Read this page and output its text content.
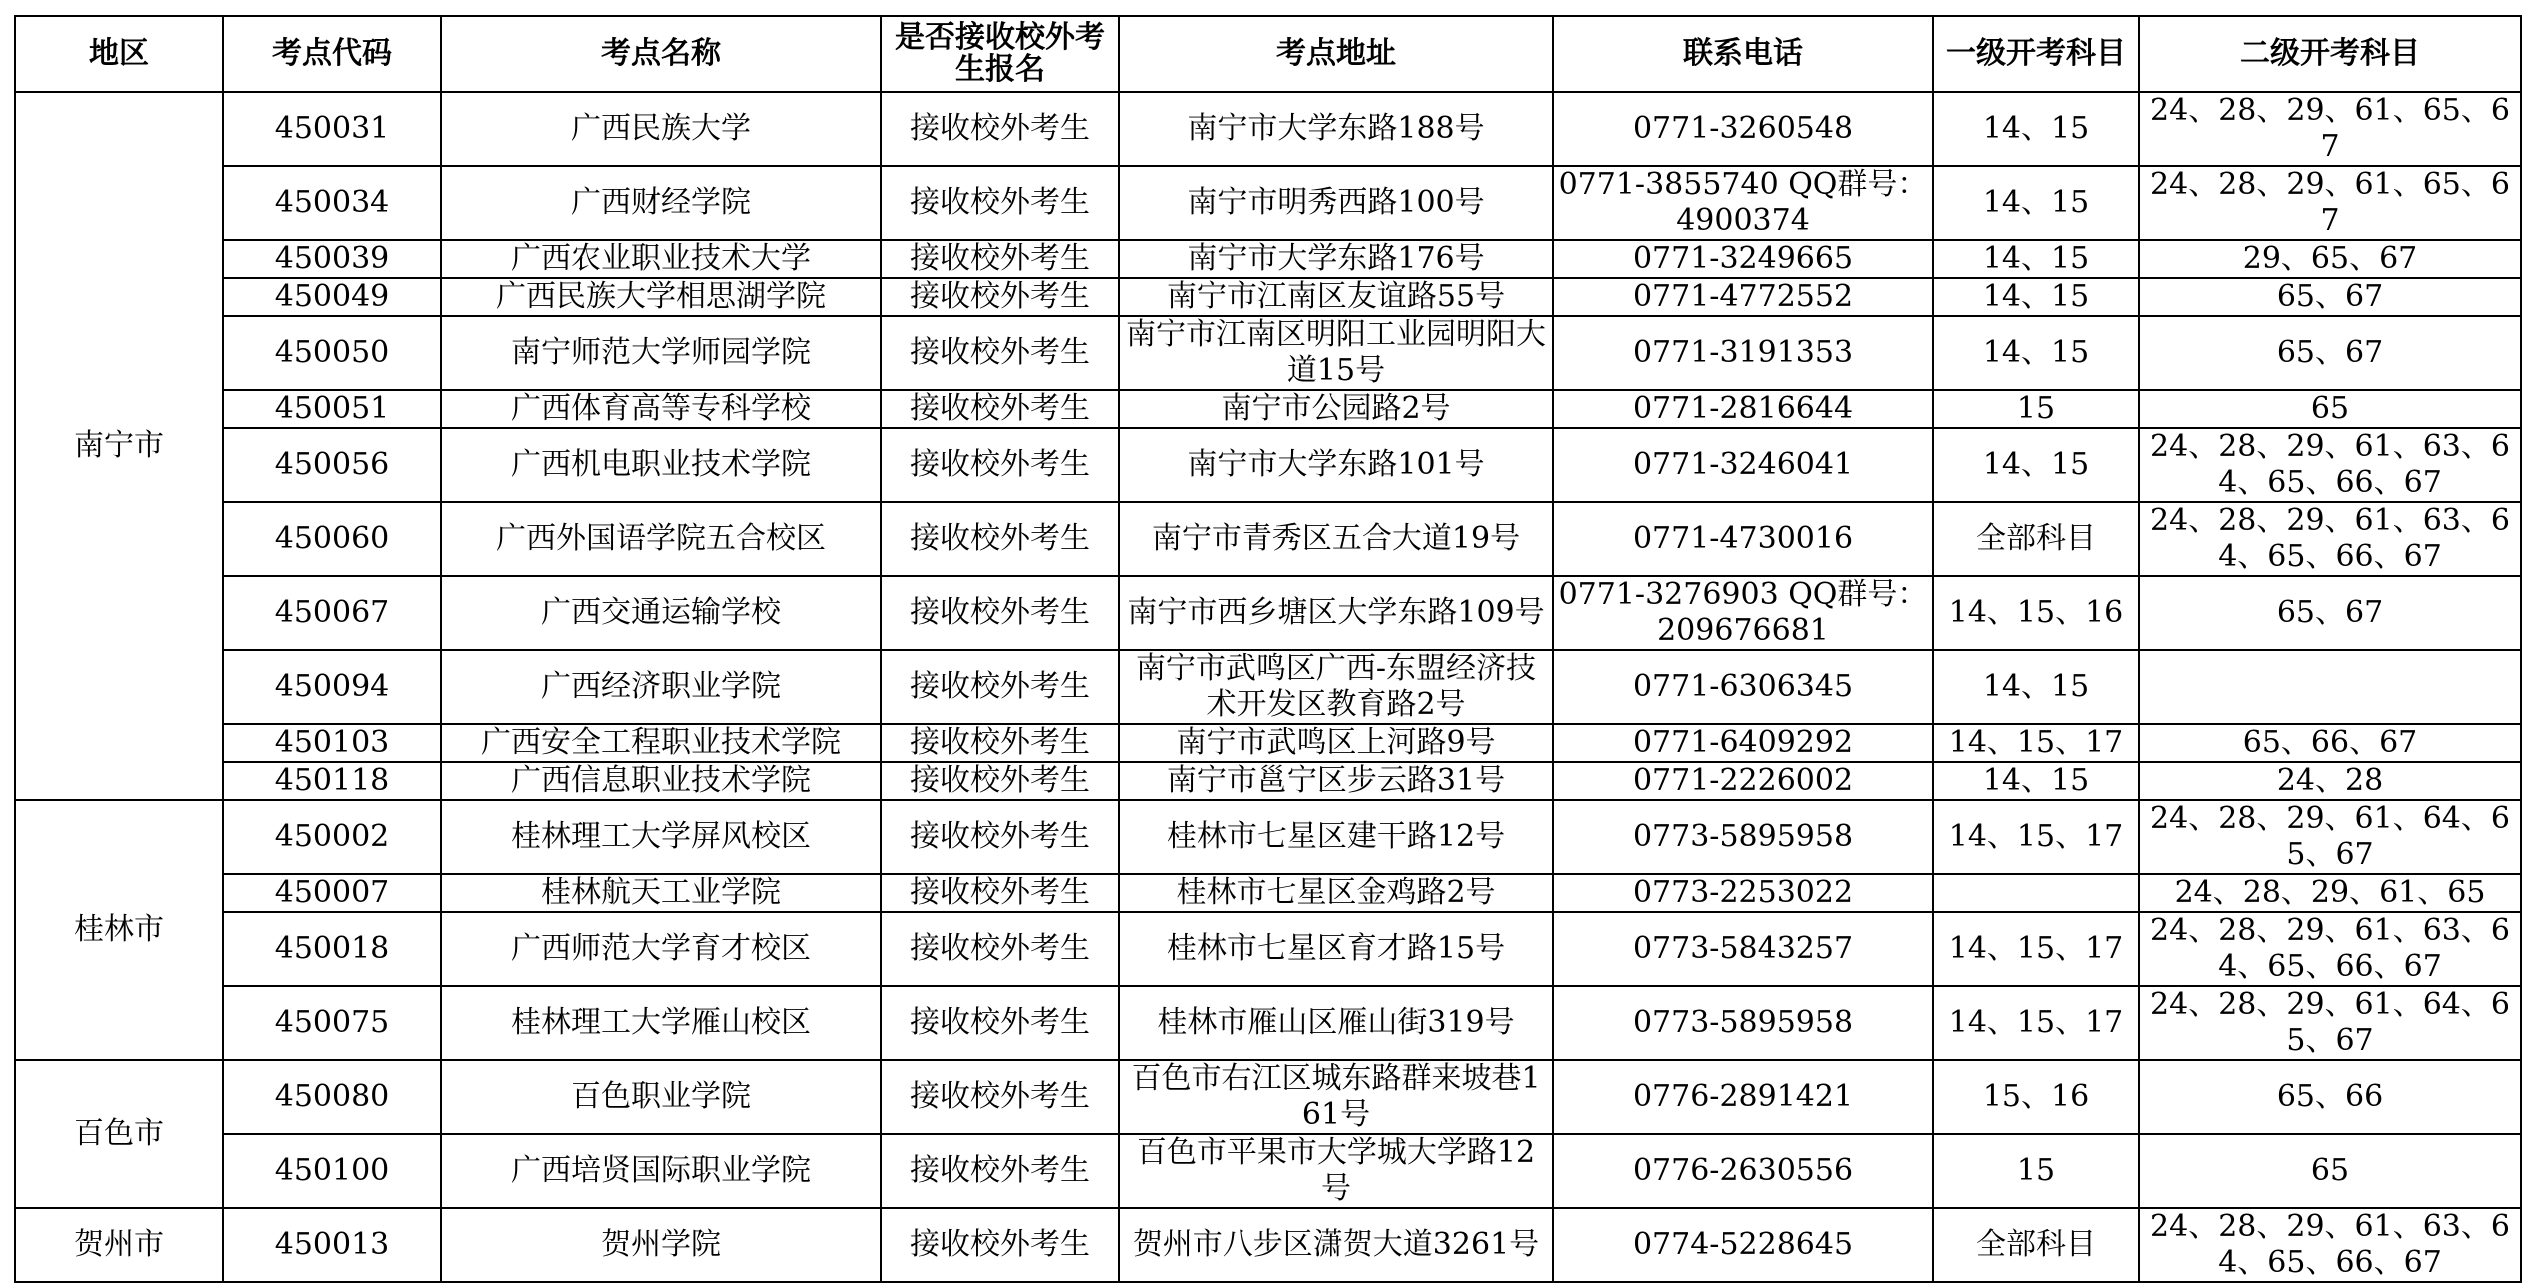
地区	考点代码	考点名称	是否接收校外考生报名	考点地址	联系电话	一级开考科目	二级开考科目
南宁市	450031	广西民族大学	接收校外考生	南宁市大学东路188号	0771-3260548	14、15	24、28、29、61、65、67
	450034	广西财经学院	接收校外考生	南宁市明秀西路100号	0771-3855740 QQ群号：4900374	14、15	24、28、29、61、65、67
	450039	广西农业职业技术大学	接收校外考生	南宁市大学东路176号	0771-3249665	14、15	29、65、67
	450049	广西民族大学相思湖学院	接收校外考生	南宁市江南区友谊路55号	0771-4772552	14、15	65、67
	450050	南宁师范大学师园学院	接收校外考生	南宁市江南区明阳工业园明阳大道15号	0771-3191353	14、15	65、67
	450051	广西体育高等专科学校	接收校外考生	南宁市公园路2号	0771-2816644	15	65
	450056	广西机电职业技术学院	接收校外考生	南宁市大学东路101号	0771-3246041	14、15	24、28、29、61、63、64、65、66、67
	450060	广西外国语学院五合校区	接收校外考生	南宁市青秀区五合大道19号	0771-4730016	全部科目	24、28、29、61、63、64、65、66、67
	450067	广西交通运输学校	接收校外考生	南宁市西乡塘区大学东路109号	0771-3276903 QQ群号：209676681	14、15、16	65、67
	450094	广西经济职业学院	接收校外考生	南宁市武鸣区广西-东盟经济技术开发区教育路2号	0771-6306345	14、15	
	450103	广西安全工程职业技术学院	接收校外考生	南宁市武鸣区上河路9号	0771-6409292	14、15、17	65、66、67
	450118	广西信息职业技术学院	接收校外考生	南宁市邕宁区步云路31号	0771-2226002	14、15	24、28
桂林市	450002	桂林理工大学屏风校区	接收校外考生	桂林市七星区建干路12号	0773-5895958	14、15、17	24、28、29、61、64、65、67
	450007	桂林航天工业学院	接收校外考生	桂林市七星区金鸡路2号	0773-2253022		24、28、29、61、65
	450018	广西师范大学育才校区	接收校外考生	桂林市七星区育才路15号	0773-5843257	14、15、17	24、28、29、61、63、64、65、66、67
	450075	桂林理工大学雁山校区	接收校外考生	桂林市雁山区雁山街319号	0773-5895958	14、15、17	24、28、29、61、64、65、67
百色市	450080	百色职业学院	接收校外考生	百色市右江区城东路群来坡巷161号	0776-2891421	15、16	65、66
	450100	广西培贤国际职业学院	接收校外考生	百色市平果市大学城大学路12号	0776-2630556	15	65
贺州市	450013	贺州学院	接收校外考生	贺州市八步区潇贺大道3261号	0774-5228645	全部科目	24、28、29、61、63、64、65、66、67
